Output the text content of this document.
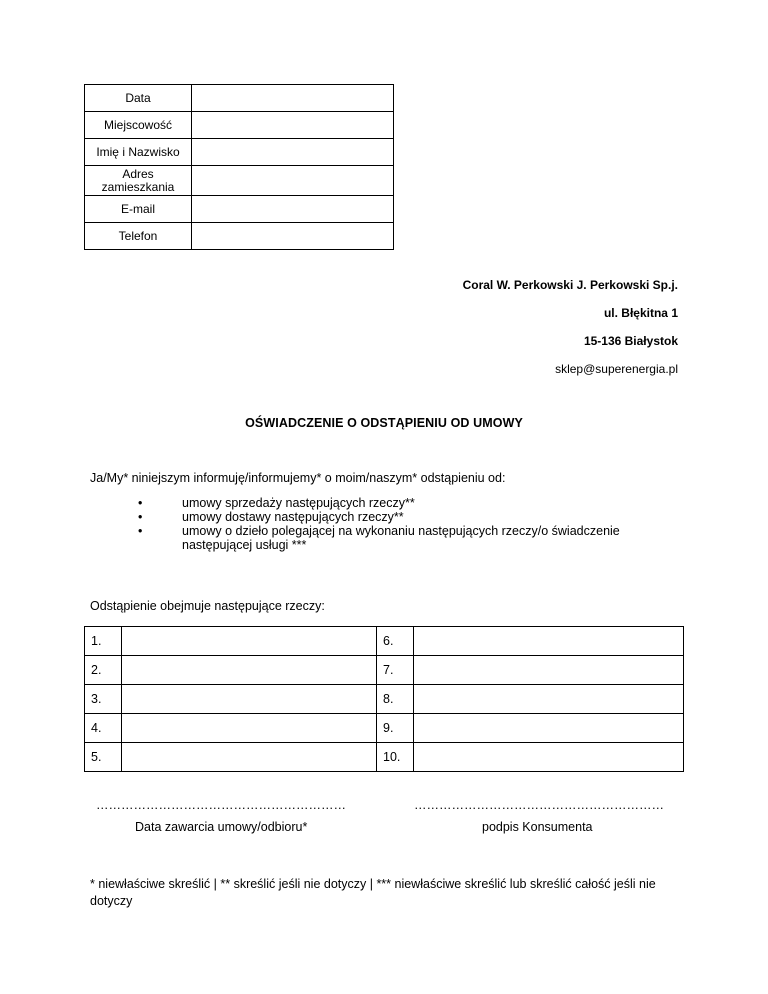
Data	
Miejscowość	
Imię i Nazwisko	
Adres zamieszkania	
E-mail	
Telefon	
Coral W. Perkowski J. Perkowski Sp.j.
ul. Błękitna 1
15-136 Białystok
sklep@superenergia.pl
OŚWIADCZENIE O ODSTĄPIENIU OD UMOWY
Ja/My* niniejszym informuję/informujemy* o moim/naszym* odstąpieniu od:
•	umowy sprzedaży następujących rzeczy**
•	umowy dostawy następujących rzeczy**
•	umowy o dzieło polegającej na wykonaniu następujących rzeczy/o świadczenie następującej usługi ***
Odstąpienie obejmuje następujące rzeczy:
1.		6.	
2.		7.	
3.		8.	
4.		9.	
5.		10.	
……………………………………………………	……………………………………………………
Data zawarcia umowy/odbioru*	podpis Konsumenta
* niewłaściwe skreślić | ** skreślić jeśli nie dotyczy | *** niewłaściwe skreślić lub skreślić całość jeśli nie dotyczy
